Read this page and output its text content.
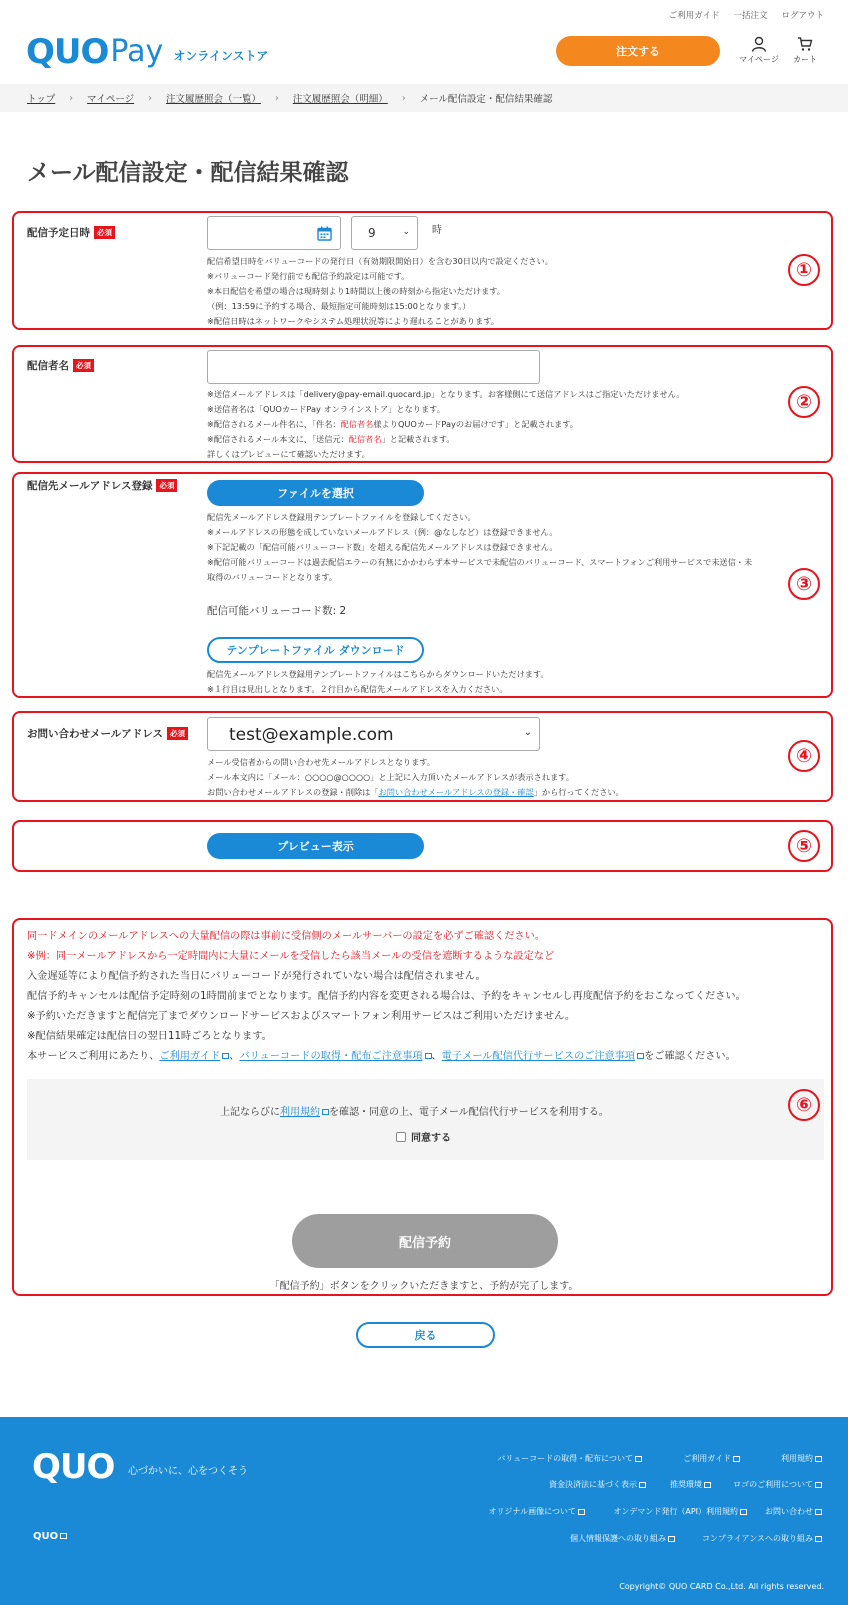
ご利用ガイド 一括注文 ログアウト
QUO Pay オンラインストア	注文する
マイページ	カート
トップ › マイページ › 注文履歴照会（一覧） › 注文履歴照会（明細） › メール配信設定・配信結果確認
メール配信設定・配信結果確認
配信予定日時 必須	9	⌄ 時
配信希望日時をバリューコードの発行日（有効期限開始日）を含む30日以内で設定ください。
※バリューコード発行前でも配信予約設定は可能です。
※本日配信を希望の場合は現時刻より1時間以上後の時刻から指定いただけます。
（例：13:59に予約する場合、最短指定可能時刻は15:00となります。）
※配信日時はネットワークやシステム処理状況等により遅れることがあります。
①
配信者名 必須
※送信メールアドレスは「delivery@pay-email.quocard.jp」となります。お客様側にて送信アドレスはご指定いただけません。
※送信者名は「QUOカードPay オンラインストア」となります。
※配信されるメール件名に、「件名：配信者名様よりQUOカードPayのお届けです」と記載されます。
※配信されるメール本文に、「送信元：配信者名」と記載されます。
詳しくはプレビューにて確認いただけます。
②
配信先メールアドレス登録 必須
ファイルを選択
配信先メールアドレス登録用テンプレートファイルを登録してください。
※メールアドレスの形態を成していないメールアドレス（例：@なしなど）は登録できません。
※下記記載の「配信可能バリューコード数」を超える配信先メールアドレスは登録できません。
※配信可能バリューコードは過去配信エラーの有無にかかわらず本サービスで未配信のバリューコード、スマートフォンご利用サービスで未送信・未
取得のバリューコードとなります。
配信可能バリューコード数: 2
テンプレートファイル ダウンロード
配信先メールアドレス登録用テンプレートファイルはこちらからダウンロードいただけます。
※１行目は見出しとなります。２行目から配信先メールアドレスを入力ください。
③
お問い合わせメールアドレス 必須	test@example.com	⌄
メール受信者からの問い合わせ先メールアドレスとなります。
メール本文内に「メール：○○○○@○○○○」と上記に入力頂いたメールアドレスが表示されます。
お問い合わせメールアドレスの登録・削除は「お問い合わせメールアドレスの登録・確認」から行ってください。
④
プレビュー表示	⑤
同一ドメインのメールアドレスへの大量配信の際は事前に受信側のメールサーバーの設定を必ずご確認ください。
※例：同一メールアドレスから一定時間内に大量にメールを受信したら該当メールの受信を遮断するような設定など
入金遅延等により配信予約された当日にバリューコードが発行されていない場合は配信されません。
配信予約キャンセルは配信予定時刻の1時間前までとなります。配信予約内容を変更される場合は、予約をキャンセルし再度配信予約をおこなってください。
※予約いただきますと配信完了までダウンロードサービスおよびスマートフォン利用サービスはご利用いただけません。
※配信結果確定は配信日の翌日11時ごろとなります。
本サービスご利用にあたり、ご利用ガイド 、バリューコードの取得・配布ご注意事項 、電子メール配信代行サービスのご注意事項 をご確認ください。
上記ならびに利用規約 を確認・同意の上、電子メール配信代行サービスを利用する。
同意する
配信予約
「配信予約」ボタンをクリックいただきますと、予約が完了します。
⑥
戻る
QUO 心づかいに、心をつくそう
QUO
バリューコードの取得・配布について	ご利用ガイド	利用規約
資金決済法に基づく表示	推奨環境	ロゴのご利用について
オリジナル画像について	オンデマンド発行（API）利用規約	お問い合わせ
個人情報保護への取り組み	コンプライアンスへの取り組み
Copyright© QUO CARD Co.,Ltd. All rights reserved.
